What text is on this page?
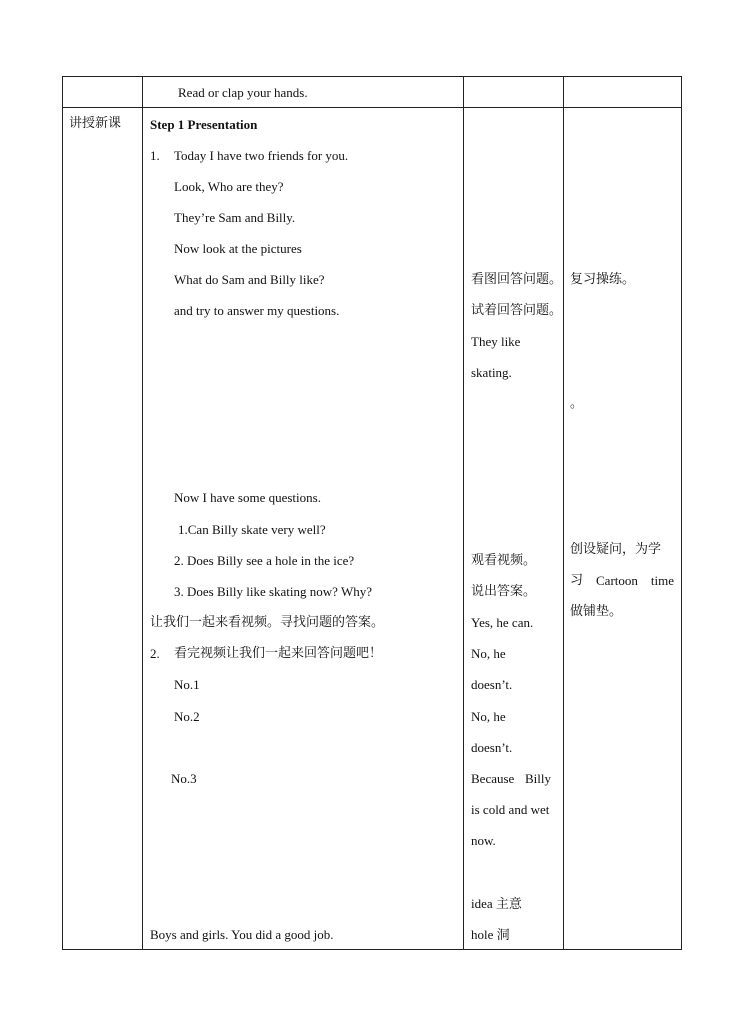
Read or clap your hands.
讲授新课 Step 1 Presentation
1. Today I have two friends for you.
Look, Who are they?
They’re Sam and Billy.
Now look at the pictures
What do Sam and Billy like?
and try to answer my questions.
Now I have some questions.
1.Can Billy skate very well?
2. Does Billy see a hole in the ice?
3. Does Billy like skating now? Why?
让我们一起来看视频。寻找问题的答案。
2. 看完视频让我们一起来回答问题吧！
No.1
No.2
No.3
Boys and girls. You did a good job.
看图回答问题。
试着回答问题。
They like
skating.
观看视频。
说出答案。
Yes, he can.
No, he
doesn’t.
No, he
doesn’t.
Because Billy
is cold and wet
now.
idea 主意
hole 洞
复习操练。
。
创设疑问，为学
习 Cartoon time
做铺垫。
